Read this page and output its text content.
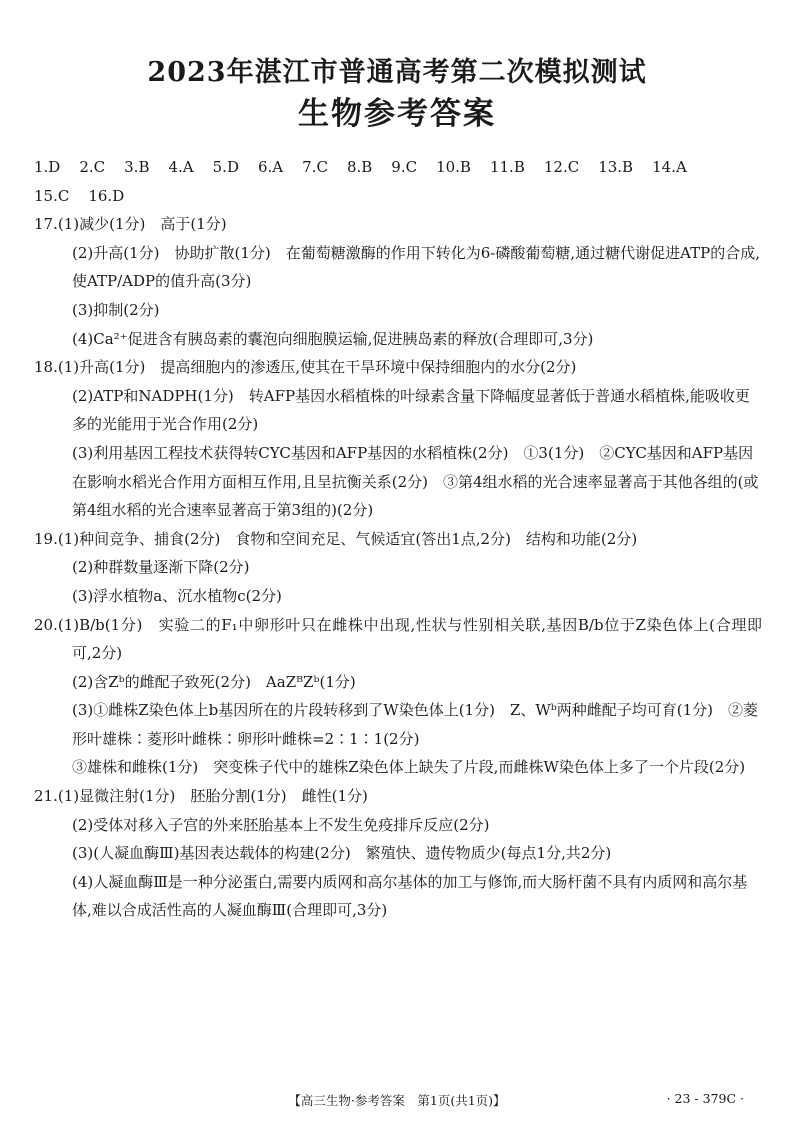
2023年湛江市普通高考第二次模拟测试
生物参考答案
1.D 2.C 3.B 4.A 5.D 6.A 7.C 8.B 9.C 10.B 11.B 12.C 13.B 14.A
15.C 16.D
17.(1)减少(1分)　高于(1分)
(2)升高(1分)　协助扩散(1分)　在葡萄糖激酶的作用下转化为6-磷酸葡萄糖,通过糖代谢促进ATP的合成,使ATP/ADP的值升高(3分)
(3)抑制(2分)
(4)Ca²⁺促进含有胰岛素的囊泡向细胞膜运输,促进胰岛素的释放(合理即可,3分)
18.(1)升高(1分)　提高细胞内的渗透压,使其在干旱环境中保持细胞内的水分(2分)
(2)ATP和NADPH(1分)　转AFP基因水稻植株的叶绿素含量下降幅度显著低于普通水稻植株,能吸收更多的光能用于光合作用(2分)
(3)利用基因工程技术获得转CYC基因和AFP基因的水稻植株(2分)　①3(1分)　②CYC基因和AFP基因在影响水稻光合作用方面相互作用,且呈抗衡关系(2分)　③第4组水稻的光合速率显著高于其他各组的(或第4组水稻的光合速率显著高于第3组的)(2分)
19.(1)种间竞争、捕食(2分)　食物和空间充足、气候适宜(答出1点,2分)　结构和功能(2分)
(2)种群数量逐渐下降(2分)
(3)浮水植物a、沉水植物c(2分)
20.(1)B/b(1分)　实验二的F₁中卵形叶只在雌株中出现,性状与性别相关联,基因B/b位于Z染色体上(合理即可,2分)
(2)含Zᵇ的雌配子致死(2分)　AaZᴮZᵇ(1分)
(3)①雌株Z染色体上b基因所在的片段转移到了W染色体上(1分)　Z、Wᵇ两种雌配子均可育(1分)　②菱形叶雄株∶菱形叶雌株∶卵形叶雌株=2∶1∶1(2分)
③雄株和雌株(1分)　突变株子代中的雄株Z染色体上缺失了片段,而雌株W染色体上多了一个片段(2分)
21.(1)显微注射(1分)　胚胎分割(1分)　雌性(1分)
(2)受体对移入子宫的外来胚胎基本上不发生免疫排斥反应(2分)
(3)(人凝血酶Ⅲ)基因表达载体的构建(2分)　繁殖快、遗传物质少(每点1分,共2分)
(4)人凝血酶Ⅲ是一种分泌蛋白,需要内质网和高尔基体的加工与修饰,而大肠杆菌不具有内质网和高尔基体,难以合成活性高的人凝血酶Ⅲ(合理即可,3分)
【高三生物·参考答案　第1页(共1页)】	· 23 - 379C ·
